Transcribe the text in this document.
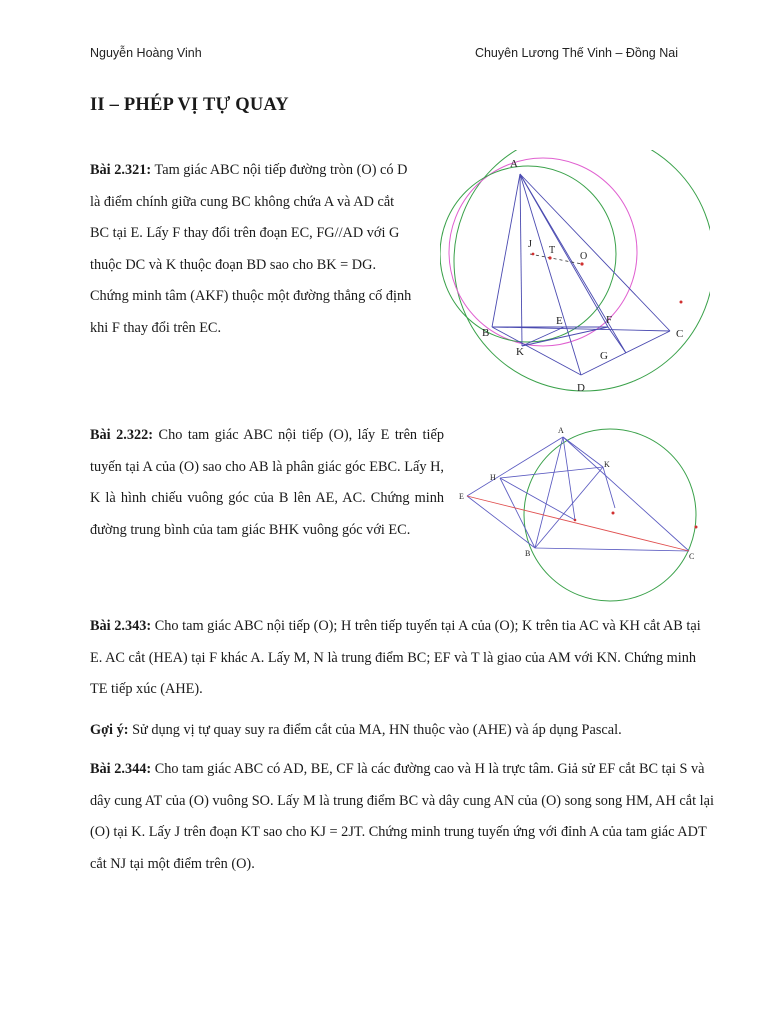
Nguyễn Hoàng Vinh	Chuyên Lương Thế Vinh – Đồng Nai
II – PHÉP VỊ TỰ QUAY

Bài 2.321: Tam giác ABC nội tiếp đường tròn (O) có D là điểm chính giữa cung BC không chứa A và AD cắt BC tại E. Lấy F thay đổi trên đoạn EC, FG//AD với G thuộc DC và K thuộc đoạn BD sao cho BK = DG. Chứng minh tâm (AKF) thuộc một đường thẳng cố định khi F thay đổi trên EC.

A
B	C
D
E	F
G
K
J
T
O

Bài 2.322: Cho tam giác ABC nội tiếp (O), lấy E trên tiếp tuyến tại A của (O) sao cho AB là phân giác góc EBC. Lấy H, K là hình chiếu vuông góc của B lên AE, AC. Chứng minh đường trung bình của tam giác BHK vuông góc với EC.

A
B	C
E
H
K

Bài 2.343: Cho tam giác ABC nội tiếp (O); H trên tiếp tuyến tại A của (O); K trên tia AC và KH cắt AB tại E. AC cắt (HEA) tại F khác A. Lấy M, N là trung điểm BC; EF và T là giao của AM với KN. Chứng minh TE tiếp xúc (AHE).

Gợi ý: Sử dụng vị tự quay suy ra điểm cắt của MA, HN thuộc vào (AHE) và áp dụng Pascal.

Bài 2.344: Cho tam giác ABC có AD, BE, CF là các đường cao và H là trực tâm. Giả sử EF cắt BC tại S và dây cung AT của (O) vuông SO. Lấy M là trung điểm BC và dây cung AN của (O) song song HM, AH cắt lại (O) tại K. Lấy J trên đoạn KT sao cho KJ = 2JT. Chứng minh trung tuyến ứng với đỉnh A của tam giác ADT cắt NJ tại một điểm trên (O).
